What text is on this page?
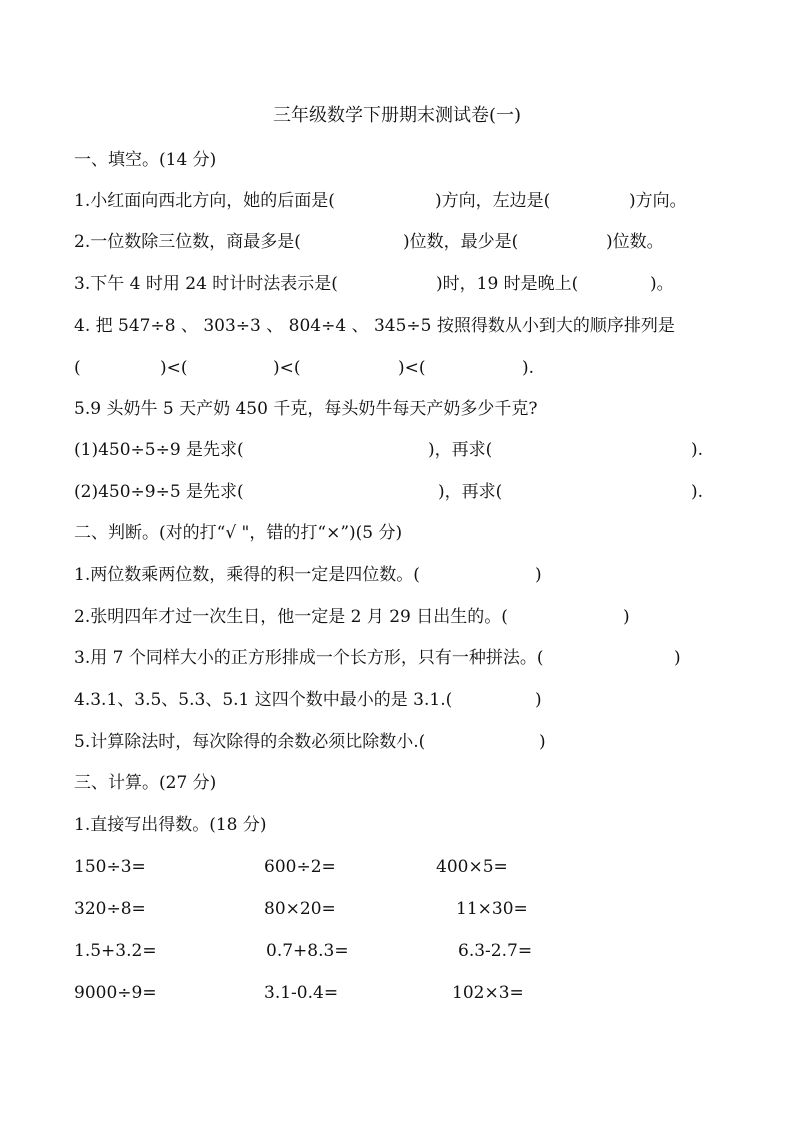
三年级数学下册期末测试卷(一)
一、填空。(14 分)
1.小红面向西北方向，她的后面是(	)方向，左边是(	)方向。
2.一位数除三位数，商最多是(	)位数，最少是(	)位数。
3.下午 4 时用 24 时计时法表示是(	)时，19 时是晚上(	)。
4. 把 547÷8 、 303÷3 、 804÷4 、 345÷5 按照得数从小到大的顺序排列是
(	)<(	)<(	)<(	).
5.9 头奶牛 5 天产奶 450 千克，每头奶牛每天产奶多少千克?
(1)450÷5÷9 是先求(	)，再求(	).
(2)450÷9÷5 是先求(	)，再求(	).
二、判断。(对的打“√ "，错的打“×”)(5 分)
1.两位数乘两位数，乘得的积一定是四位数。(	)
2.张明四年才过一次生日，他一定是 2 月 29 日出生的。(	)
3.用 7 个同样大小的正方形排成一个长方形，只有一种拼法。(	)
4.3.1、3.5、5.3、5.1 这四个数中最小的是 3.1.(	)
5.计算除法时，每次除得的余数必须比除数小.(	)
三、计算。(27 分)
1.直接写出得数。(18 分)
150÷3=	600÷2=	400×5=
320÷8=	80×20=	11×30=
1.5+3.2=	0.7+8.3=	6.3-2.7=
9000÷9=	3.1-0.4=	102×3=
